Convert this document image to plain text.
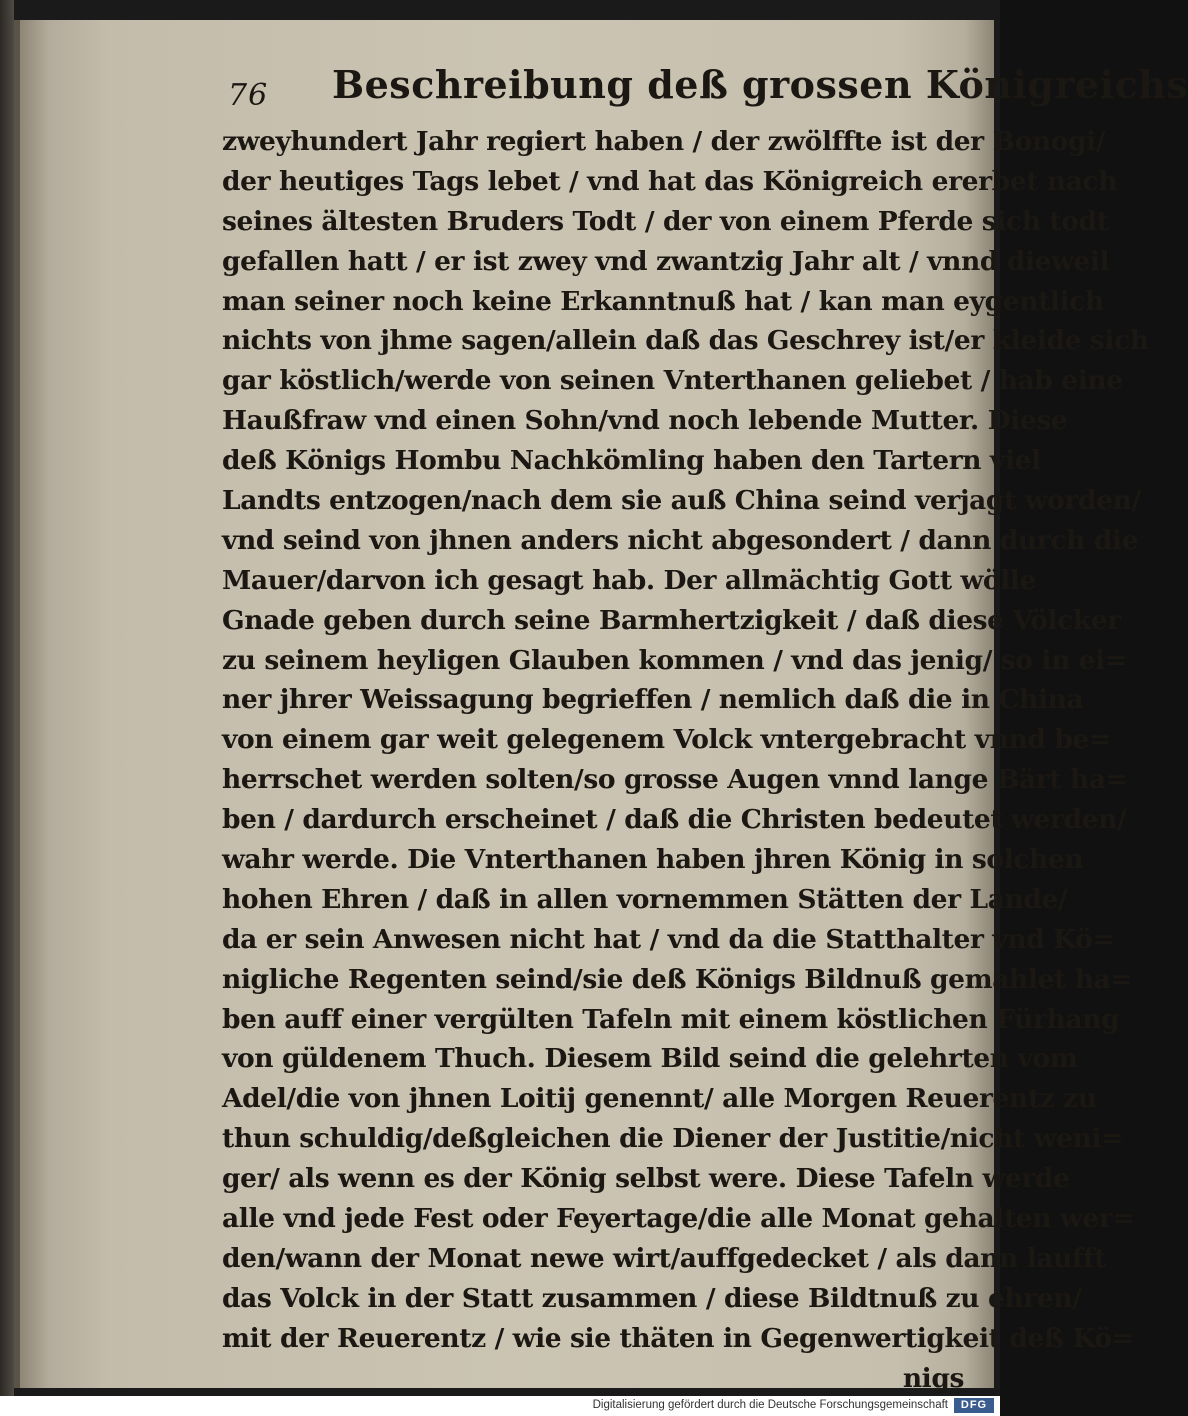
76 Beschreibung deß grossen Königreichs
zweyhundert Jahr regiert haben / der zwölffte ist der Bonogi/
der heutiges Tags lebet / vnd hat das Königreich ererbet nach
seines ältesten Bruders Todt / der von einem Pferde sich todt
gefallen hatt / er ist zwey vnd zwantzig Jahr alt / vnnd dieweil
man seiner noch keine Erkanntnuß hat / kan man eygentlich
nichts von jhme sagen/allein daß das Geschrey ist/er kleide sich
gar köstlich/werde von seinen Vnterthanen geliebet / hab eine
Haußfraw vnd einen Sohn/vnd noch lebende Mutter. Diese
deß Königs Hombu Nachkömling haben den Tartern viel
Landts entzogen/nach dem sie auß China seind verjagt worden/
vnd seind von jhnen anders nicht abgesondert / dann durch die
Mauer/darvon ich gesagt hab. Der allmächtig Gott wölle
Gnade geben durch seine Barmhertzigkeit / daß diese Völcker
zu seinem heyligen Glauben kommen / vnd das jenig/ so in ei=
ner jhrer Weissagung begrieffen / nemlich daß die in China
von einem gar weit gelegenem Volck vntergebracht vnnd be=
herrschet werden solten/so grosse Augen vnnd lange Bärt ha=
ben / dardurch erscheinet / daß die Christen bedeutet werden/
wahr werde. Die Vnterthanen haben jhren König in solchen
hohen Ehren / daß in allen vornemmen Stätten der Lande/
da er sein Anwesen nicht hat / vnd da die Statthalter vnd Kö=
nigliche Regenten seind/sie deß Königs Bildnuß gemahlet ha=
ben auff einer vergülten Tafeln mit einem köstlichen Fürhang
von güldenem Thuch. Diesem Bild seind die gelehrten vom
Adel/die von jhnen Loitij genennt/ alle Morgen Reuerentz zu
thun schuldig/deßgleichen die Diener der Justitie/nicht weni=
ger/ als wenn es der König selbst were. Diese Tafeln werde
alle vnd jede Fest oder Feyertage/die alle Monat gehalten wer=
den/wann der Monat newe wirt/auffgedecket / als dann laufft
das Volck in der Statt zusammen / diese Bildtnuß zu ehren/
mit der Reuerentz / wie sie thäten in Gegenwertigkeit deß Kö=
nigs
Digitalisierung gefördert durch die Deutsche Forschungsgemeinschaft	DFG
